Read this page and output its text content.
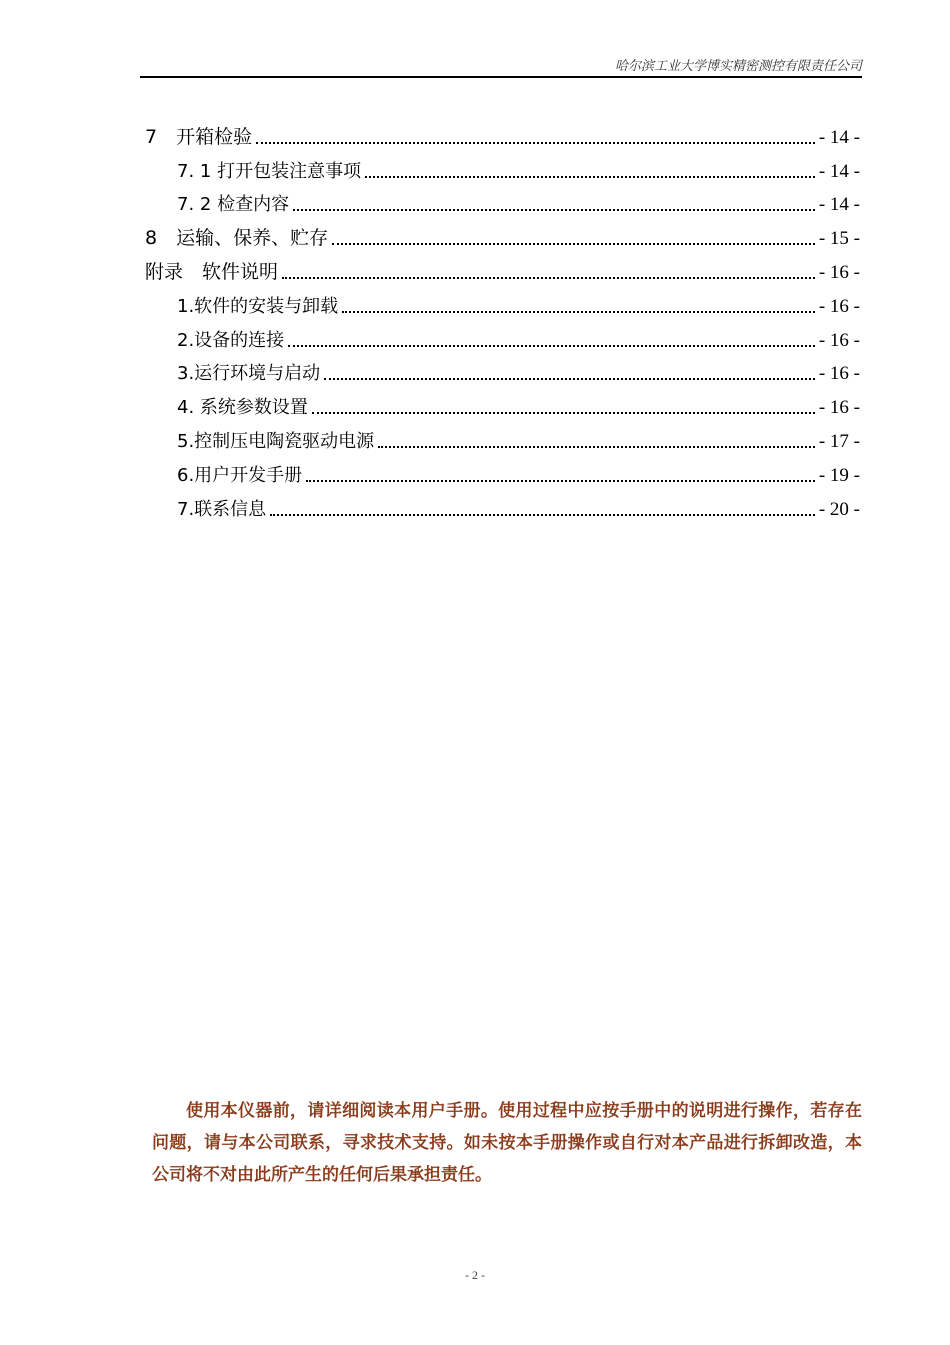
哈尔滨工业大学博实精密测控有限责任公司
7　开箱检验	- 14 -
7. 1 打开包装注意事项	- 14 -
7. 2 检查内容	- 14 -
8　运输、保养、贮存	- 15 -
附录　软件说明	- 16 -
1.软件的安装与卸载	- 16 -
2.设备的连接	- 16 -
3.运行环境与启动	- 16 -
4. 系统参数设置	- 16 -
5.控制压电陶瓷驱动电源	- 17 -
6.用户开发手册	- 19 -
7.联系信息	- 20 -
使用本仪器前，请详细阅读本用户手册。使用过程中应按手册中的说明进行操作，若存在问题，请与本公司联系，寻求技术支持。如未按本手册操作或自行对本产品进行拆卸改造，本公司将不对由此所产生的任何后果承担责任。
- 2 -
